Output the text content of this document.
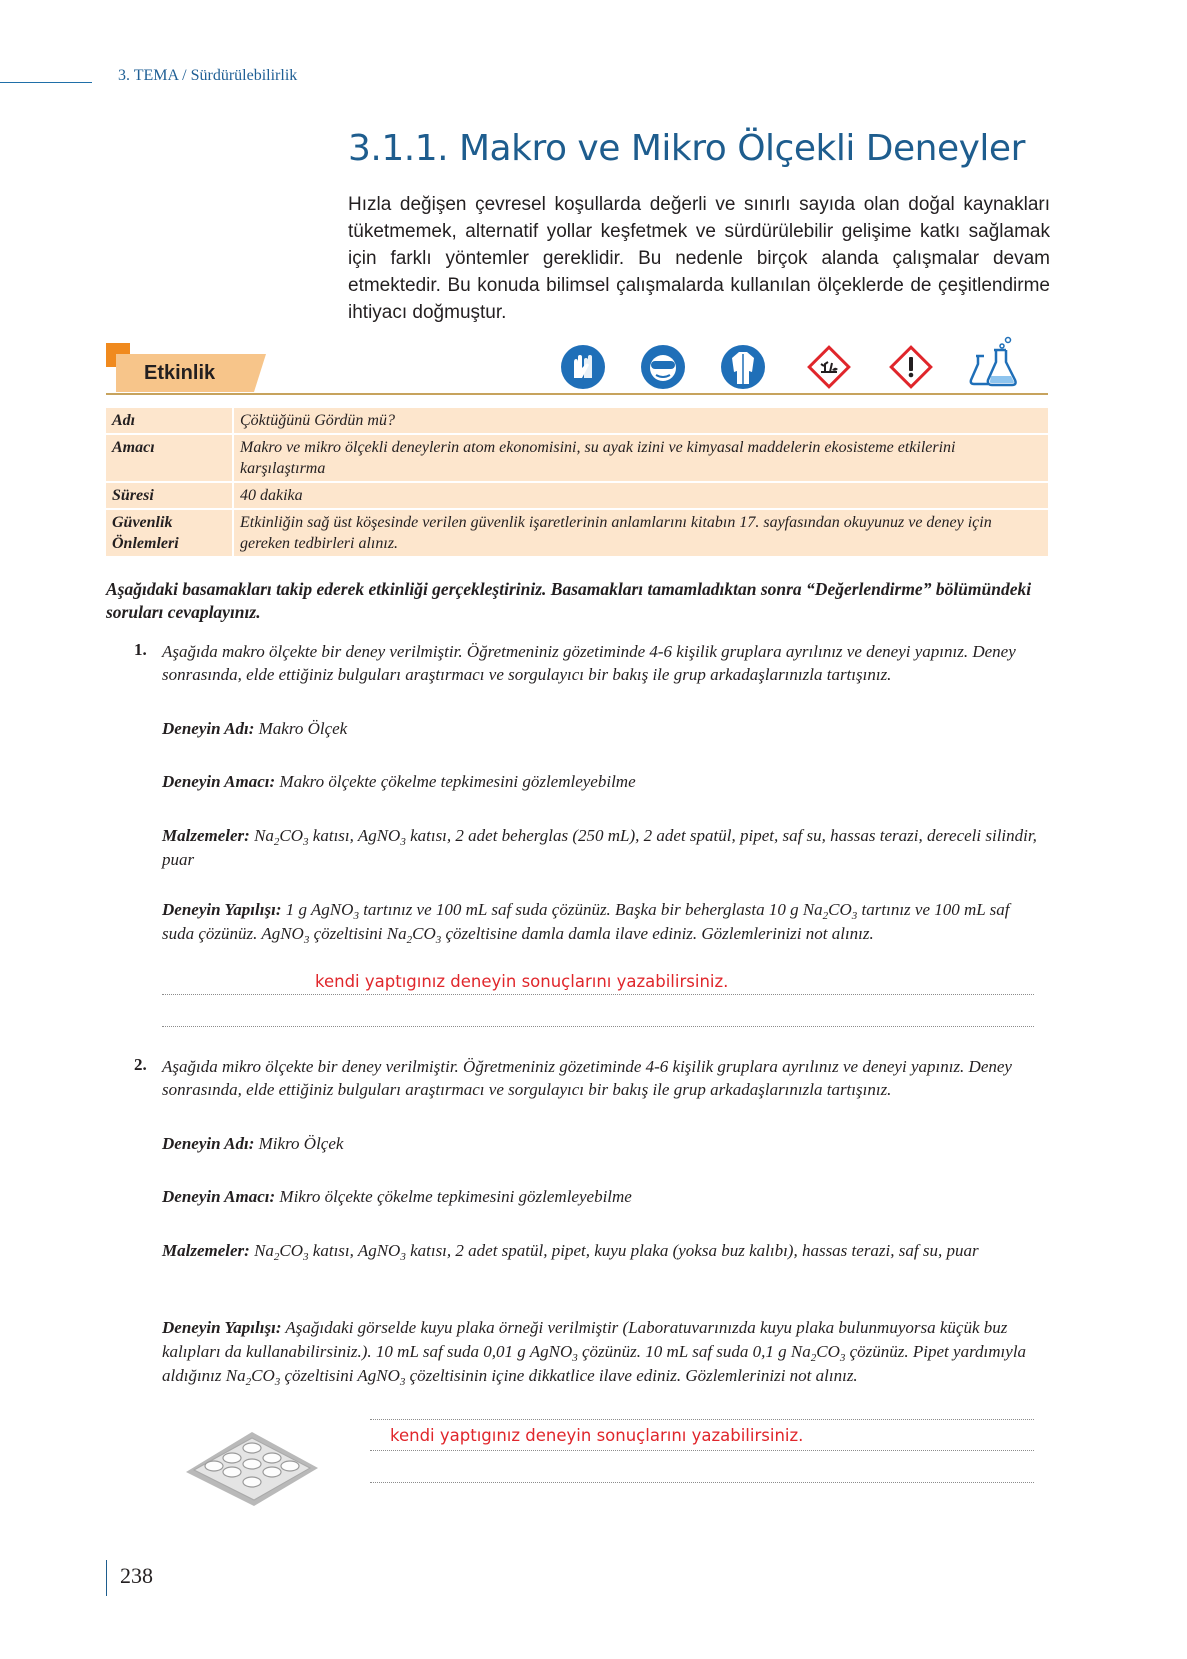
3. TEMA / Sürdürülebilirlik
3.1.1. Makro ve Mikro Ölçekli Deneyler
Hızla değişen çevresel koşullarda değerli ve sınırlı sayıda olan doğal kaynakları tüketmemek, alternatif yollar keşfetmek ve sürdürülebilir gelişime katkı sağlamak için farklı yöntemler gereklidir. Bu nedenle birçok alanda çalışmalar devam etmektedir. Bu konuda bilimsel çalışmalarda kullanılan ölçeklerde de çeşitlendirme ihtiyacı doğmuştur.
Etkinlik
Adı	Çöktüğünü Gördün mü?
Amacı	Makro ve mikro ölçekli deneylerin atom ekonomisini, su ayak izini ve kimyasal maddelerin ekosisteme etkilerini karşılaştırma
Süresi	40 dakika
Güvenlik Önlemleri	Etkinliğin sağ üst köşesinde verilen güvenlik işaretlerinin anlamlarını kitabın 17. sayfasından okuyunuz ve deney için gereken tedbirleri alınız.
Aşağıdaki basamakları takip ederek etkinliği gerçekleştiriniz. Basamakları tamamladıktan sonra “Değerlendirme” bölümündeki soruları cevaplayınız.
1. Aşağıda makro ölçekte bir deney verilmiştir. Öğretmeniniz gözetiminde 4-6 kişilik gruplara ayrılınız ve deneyi yapınız. Deney sonrasında, elde ettiğiniz bulguları araştırmacı ve sorgulayıcı bir bakış ile grup arkadaşlarınızla tartışınız.
Deneyin Adı: Makro Ölçek
Deneyin Amacı: Makro ölçekte çökelme tepkimesini gözlemleyebilme
Malzemeler: $Na_2CO_3$ katısı, AgNO$_3$ katısı, 2 adet beherglas (250 mL), 2 adet spatül, pipet, saf su, hassas terazi, dereceli silindir, puar
Deneyin Yapılışı: 1 g AgNO$_3$ tartınız ve 100 mL saf suda çözünüz. Başka bir beherglasta 10 g $Na_2CO_3$ tartınız ve 100 mL saf suda çözünüz. AgNO$_3$ çözeltisini $Na_2CO_3$ çözeltisine damla damla ilave ediniz. Gözlemlerinizi not alınız.
kendi yaptıgınız deneyin sonuçlarını yazabilirsiniz.
2. Aşağıda mikro ölçekte bir deney verilmiştir. Öğretmeniniz gözetiminde 4-6 kişilik gruplara ayrılınız ve deneyi yapınız. Deney sonrasında, elde ettiğiniz bulguları araştırmacı ve sorgulayıcı bir bakış ile grup arkadaşlarınızla tartışınız.
Deneyin Adı: Mikro Ölçek
Deneyin Amacı: Mikro ölçekte çökelme tepkimesini gözlemleyebilme
Malzemeler: $Na_2CO_3$ katısı, AgNO$_3$ katısı, 2 adet spatül, pipet, kuyu plaka (yoksa buz kalıbı), hassas terazi, saf su, puar
Deneyin Yapılışı: Aşağıdaki görselde kuyu plaka örneği verilmiştir (Laboratuvarınızda kuyu plaka bulunmuyorsa küçük buz kalıpları da kullanabilirsiniz.). 10 mL saf suda 0,01 g AgNO$_3$ çözünüz. 10 mL saf suda 0,1 g $Na_2CO_3$ çözünüz. Pipet yardımıyla aldığınız $Na_2CO_3$ çözeltisini AgNO$_3$ çözeltisinin içine dikkatlice ilave ediniz. Gözlemlerinizi not alınız.
kendi yaptıgınız deneyin sonuçlarını yazabilirsiniz.
238
